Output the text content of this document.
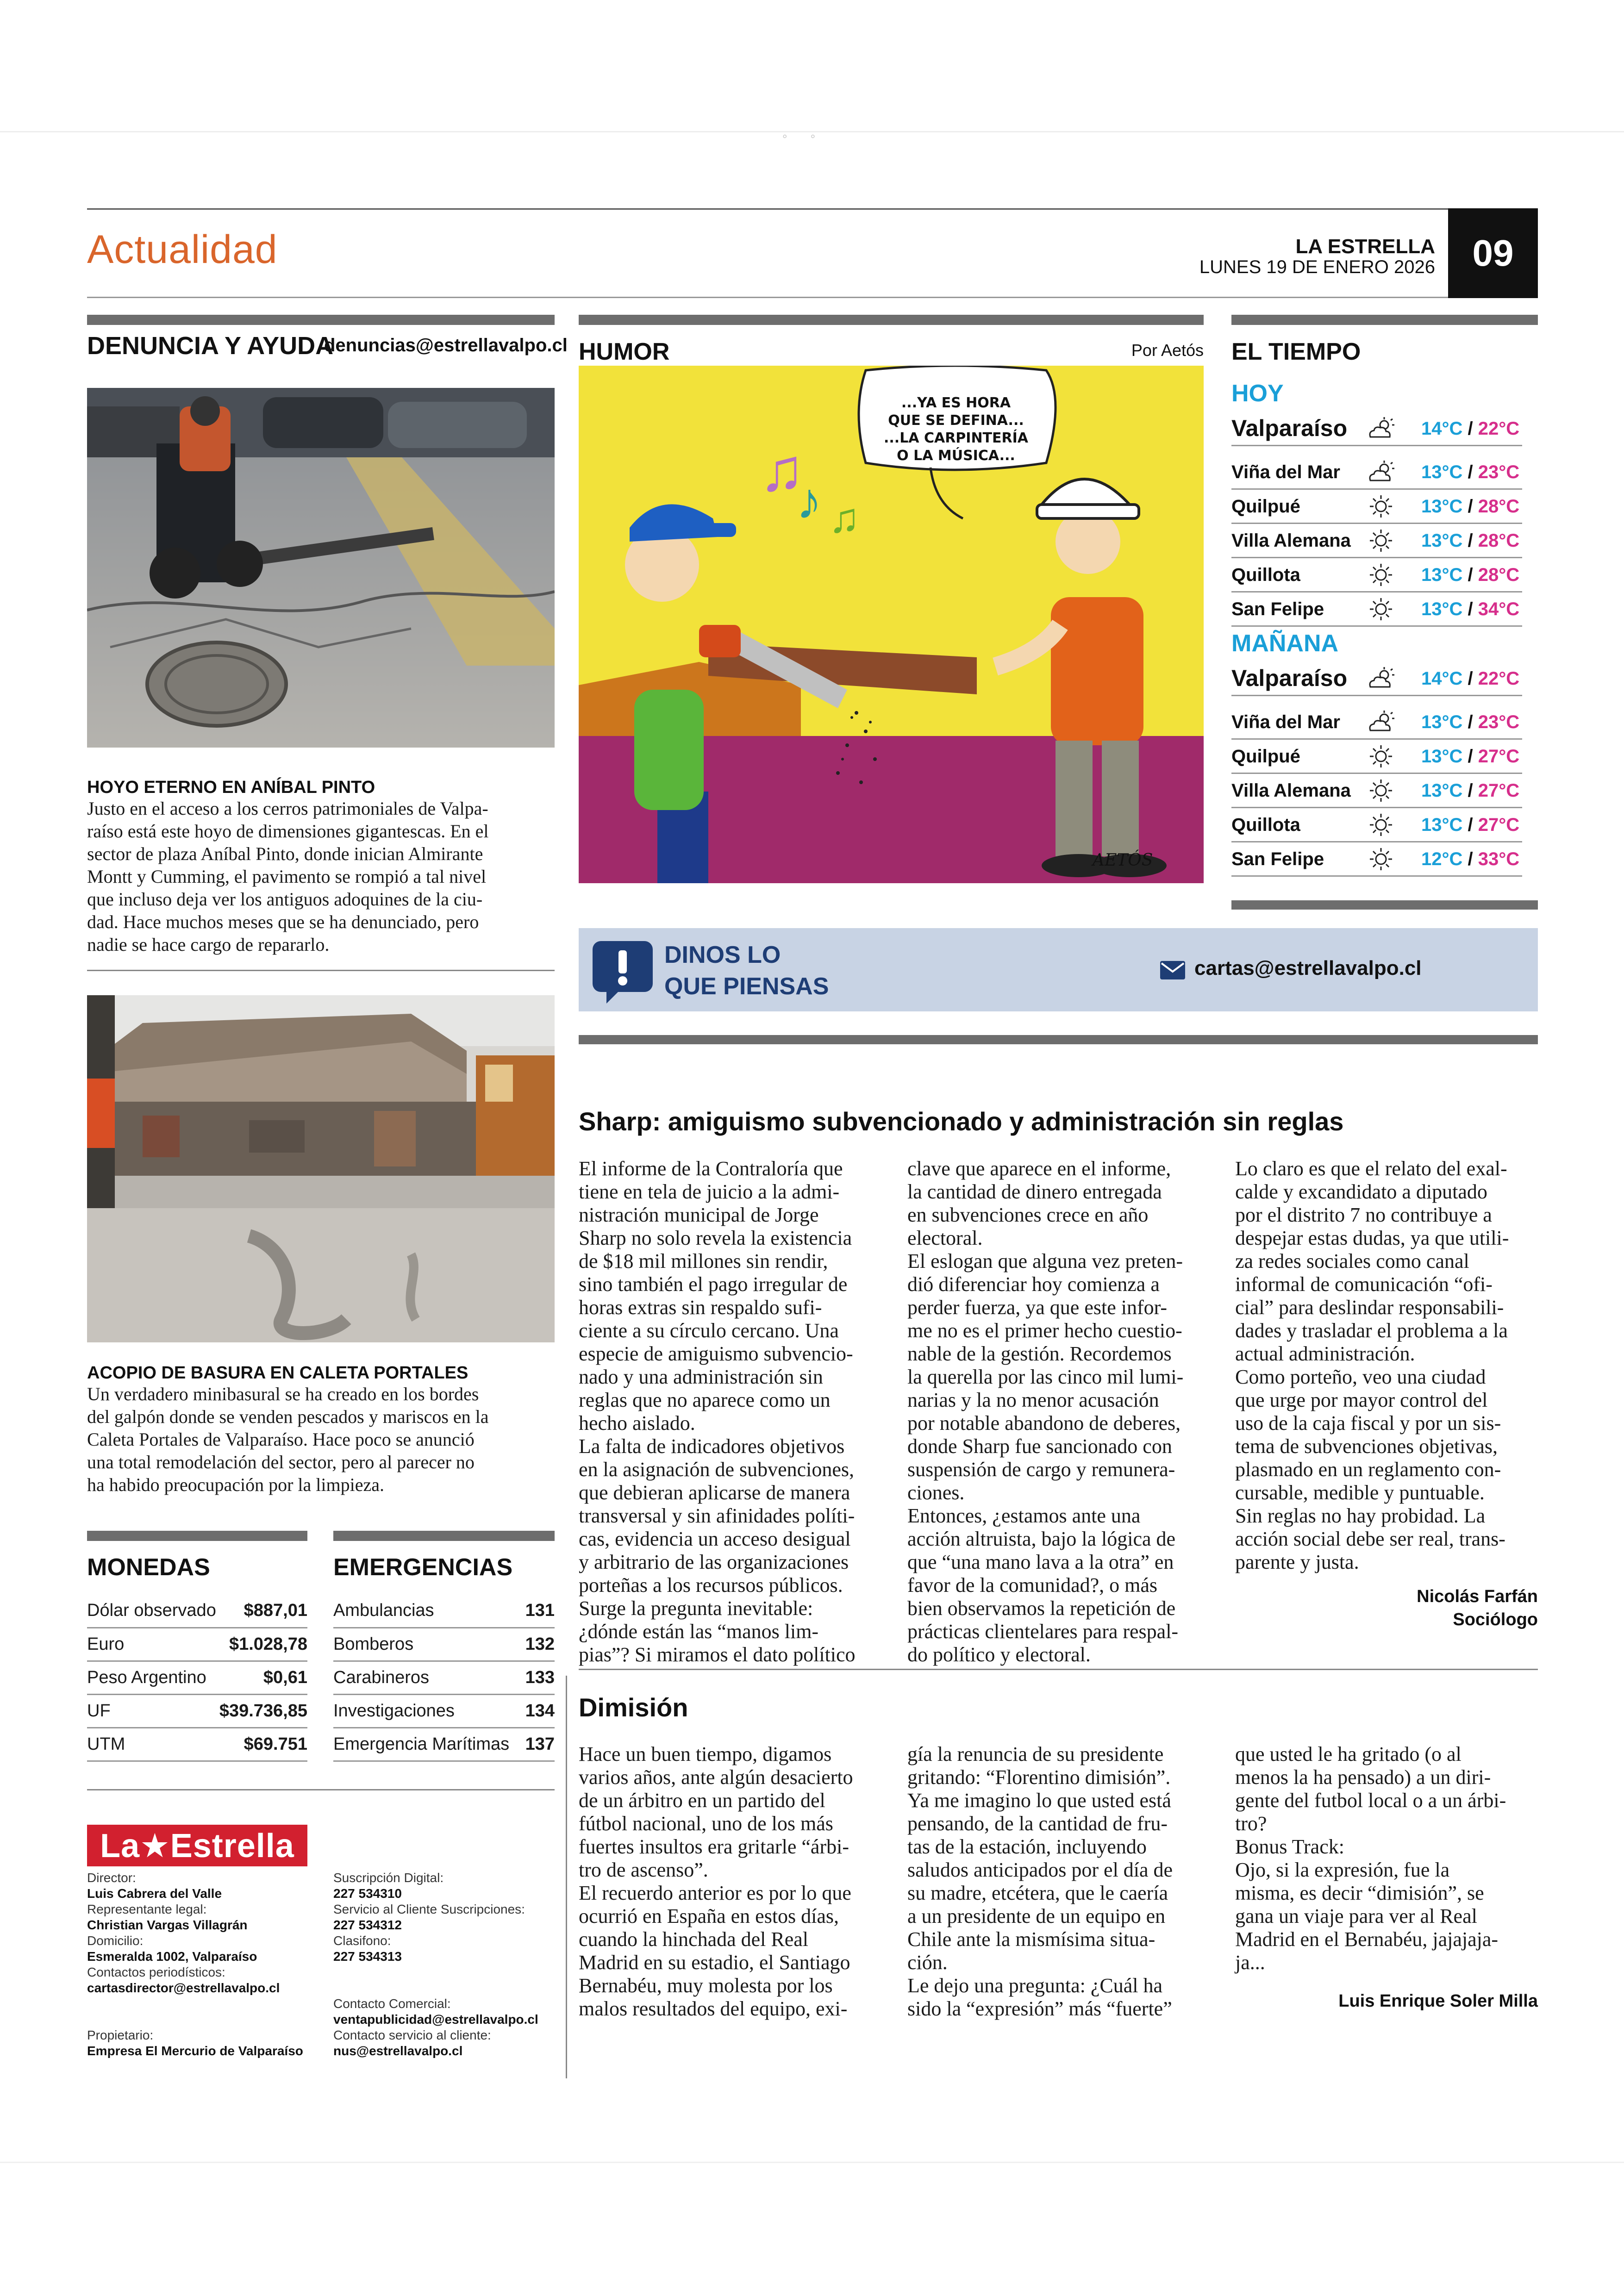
◦◦
Actualidad	LA ESTRELLA
LUNES 19 DE ENERO 2026	09
DENUNCIA Y AYUDA
denuncias@estrellavalpo.cl
HOYO ETERNO EN ANÍBAL PINTO
Justo en el acceso a los cerros patrimoniales de Valpa-
raíso está este hoyo de dimensiones gigantescas. En el
sector de plaza Aníbal Pinto, donde inician Almirante
Montt y Cumming, el pavimento se rompió a tal nivel
que incluso deja ver los antiguos adoquines de la ciu-
dad. Hace muchos meses que se ha denunciado, pero
nadie se hace cargo de repararlo.
ACOPIO DE BASURA EN CALETA PORTALES
Un verdadero minibasural se ha creado en los bordes
del galpón donde se venden pescados y mariscos en la
Caleta Portales de Valparaíso. Hace poco se anunció
una total remodelación del sector, pero al parecer no
ha habido preocupación por la limpieza.
MONEDAS
Dólar observado	$887,01
Euro	$1.028,78
Peso Argentino	$0,61
UF	$39.736,85
UTM	$69.751
EMERGENCIAS
Ambulancias	131
Bomberos	132
Carabineros	133
Investigaciones	134
Emergencia Marítimas	137
La★Estrella
Director:
Luis Cabrera del Valle
Representante legal:
Christian Vargas Villagrán
Domicilio:
Esmeralda 1002, Valparaíso
Contactos periodísticos:
cartasdirector@estrellavalpo.cl
Propietario:
Empresa El Mercurio de Valparaíso
Suscripción Digital:
227 534310
Servicio al Cliente Suscripciones:
227 534312
Clasifono:
227 534313
Contacto Comercial:
ventapublicidad@estrellavalpo.cl
Contacto servicio al cliente:
nus@estrellavalpo.cl
HUMOR	Por Aetós
♫
♪ ♫
...YA ES HORA
QUE SE DEFINA...
...LA CARPINTERÍA
O LA MÚSICA...
AETÓS
EL TIEMPO
HOY
Valparaíso	14°C / 22°C
Viña del Mar	13°C / 23°C
Quilpué	13°C / 28°C
Villa Alemana	13°C / 28°C
Quillota	13°C / 28°C
San Felipe	13°C / 34°C
MAÑANA
Valparaíso	14°C / 22°C
Viña del Mar	13°C / 23°C
Quilpué	13°C / 27°C
Villa Alemana	13°C / 27°C
Quillota	13°C / 27°C
San Felipe	12°C / 33°C
DINOS LO
QUE PIENSAS
cartas@estrellavalpo.cl
Sharp: amiguismo subvencionado y administración sin reglas
El informe de la Contraloría que
tiene en tela de juicio a la admi-
nistración municipal de Jorge
Sharp no solo revela la existencia
de $18 mil millones sin rendir,
sino también el pago irregular de
horas extras sin respaldo sufi-
ciente a su círculo cercano. Una
especie de amiguismo subvencio-
nado y una administración sin
reglas que no aparece como un
hecho aislado.
La falta de indicadores objetivos
en la asignación de subvenciones,
que debieran aplicarse de manera
transversal y sin afinidades políti-
cas, evidencia un acceso desigual
y arbitrario de las organizaciones
porteñas a los recursos públicos.
Surge la pregunta inevitable:
¿dónde están las “manos lim-
pias”? Si miramos el dato político
clave que aparece en el informe,
la cantidad de dinero entregada
en subvenciones crece en año
electoral.
El eslogan que alguna vez preten-
dió diferenciar hoy comienza a
perder fuerza, ya que este infor-
me no es el primer hecho cuestio-
nable de la gestión. Recordemos
la querella por las cinco mil lumi-
narias y la no menor acusación
por notable abandono de deberes,
donde Sharp fue sancionado con
suspensión de cargo y remunera-
ciones.
Entonces, ¿estamos ante una
acción altruista, bajo la lógica de
que “una mano lava a la otra” en
favor de la comunidad?, o más
bien observamos la repetición de
prácticas clientelares para respal-
do político y electoral.
Lo claro es que el relato del exal-
calde y excandidato a diputado
por el distrito 7 no contribuye a
despejar estas dudas, ya que utili-
za redes sociales como canal
informal de comunicación “ofi-
cial” para deslindar responsabili-
dades y trasladar el problema a la
actual administración.
Como porteño, veo una ciudad
que urge por mayor control del
uso de la caja fiscal y por un sis-
tema de subvenciones objetivas,
plasmado en un reglamento con-
cursable, medible y puntuable.
Sin reglas no hay probidad. La
acción social debe ser real, trans-
parente y justa.
Nicolás Farfán
Sociólogo
Dimisión
Hace un buen tiempo, digamos
varios años, ante algún desacierto
de un árbitro en un partido del
fútbol nacional, uno de los más
fuertes insultos era gritarle “árbi-
tro de ascenso”.
El recuerdo anterior es por lo que
ocurrió en España en estos días,
cuando la hinchada del Real
Madrid en su estadio, el Santiago
Bernabéu, muy molesta por los
malos resultados del equipo, exi-
gía la renuncia de su presidente
gritando: “Florentino dimisión”.
Ya me imagino lo que usted está
pensando, de la cantidad de fru-
tas de la estación, incluyendo
saludos anticipados por el día de
su madre, etcétera, que le caería
a un presidente de un equipo en
Chile ante la mismísima situa-
ción.
Le dejo una pregunta: ¿Cuál ha
sido la “expresión” más “fuerte”
que usted le ha gritado (o al
menos la ha pensado) a un diri-
gente del futbol local o a un árbi-
tro?
Bonus Track:
Ojo, si la expresión, fue la
misma, es decir “dimisión”, se
gana un viaje para ver al Real
Madrid en el Bernabéu, jajajaja-
ja...
Luis Enrique Soler Milla
